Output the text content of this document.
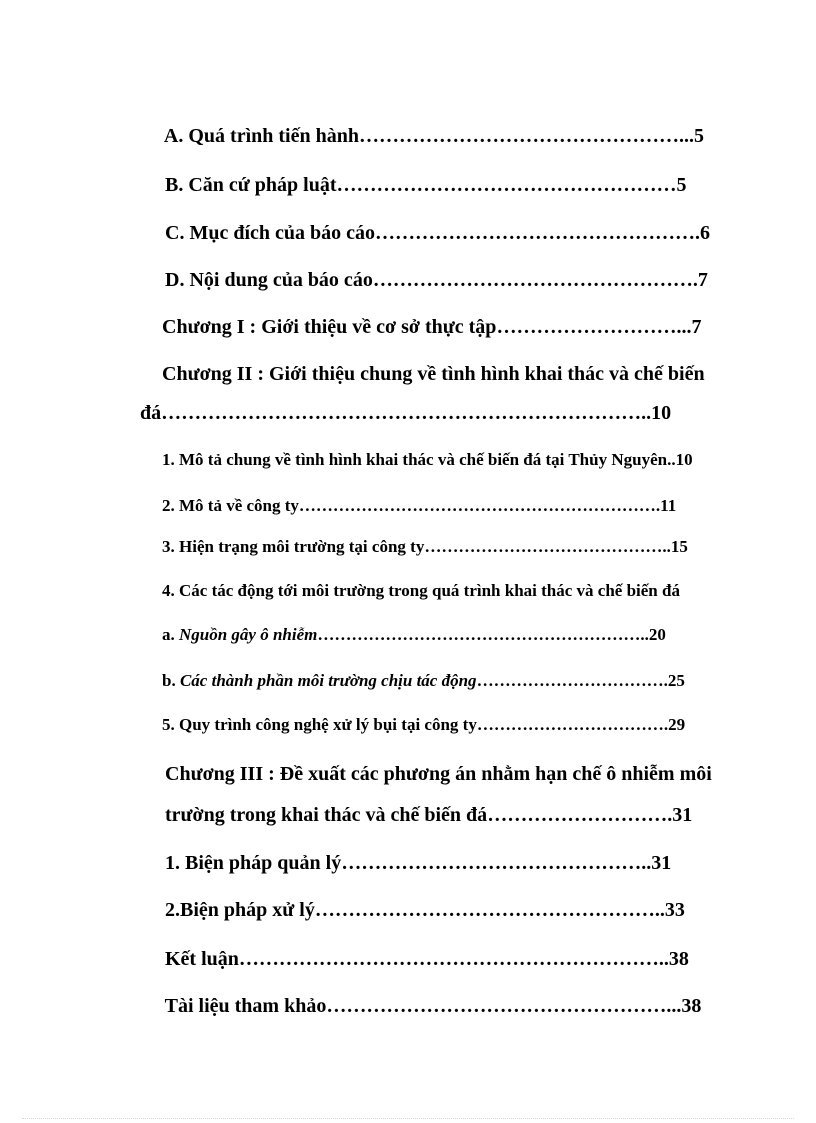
A. Quá trình tiến hành…………………………………………...5

B. Căn cứ pháp luật……………………………………………5

C. Mục đích của báo cáo………………………………………….6

D. Nội dung của báo cáo………………………………………….7

Chương I : Giới thiệu về cơ sở thực tập………………………...7

Chương II : Giới thiệu chung về tình hình khai thác và chế biến

đá………………………………………………………………..10

1. Mô tả chung về tình hình khai thác và chế biến đá tại Thủy Nguyên..10

2. Mô tả về công ty……………………………………………………….11

3. Hiện trạng môi trường tại công ty……………………………………..15

4. Các tác động tới môi trường trong quá trình khai thác và chế biến đá

a. Nguồn gây ô nhiễm…………………………………………………..20

b. Các thành phần môi trường chịu tác động…………………………….25

5. Quy trình công nghệ xử lý bụi tại công ty…………………………….29

Chương III : Đề xuất các phương án nhằm hạn chế ô nhiễm môi

trường trong khai thác và chế biến đá……………………….31

1. Biện pháp quản lý………………………………………..31

2.Biện pháp xử lý……………………………………………..33

Kết luận………………………………………………………..38

Tài liệu tham khảo……………………………………………...38
